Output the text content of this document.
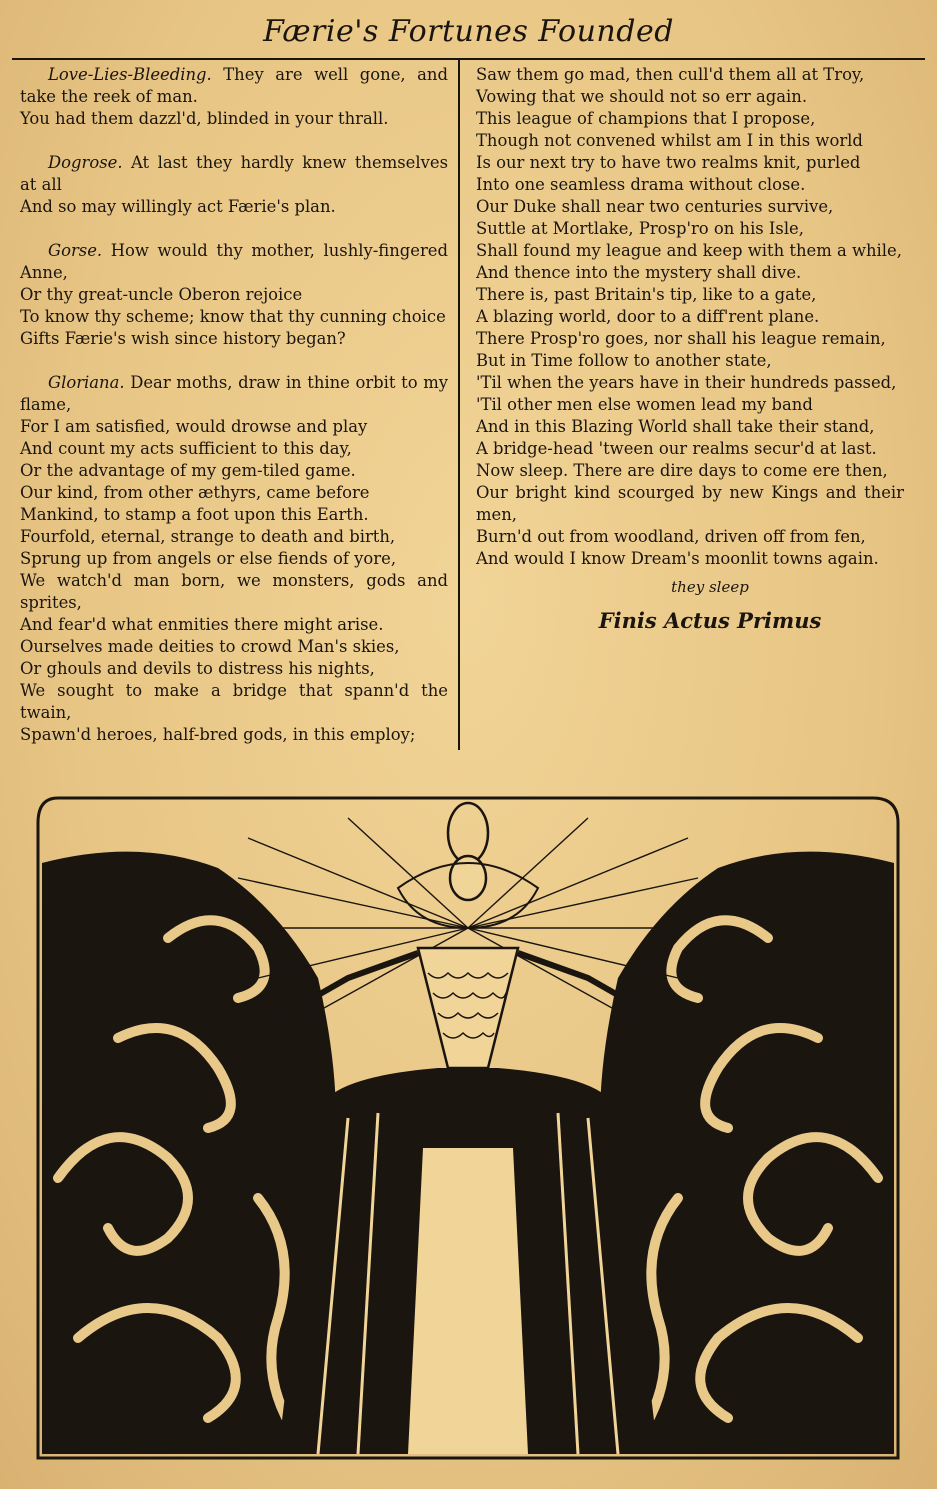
Færie's Fortunes Founded
Love-Lies-Bleeding. They are well gone, and take the reek of man.
You had them dazzl'd, blinded in your thrall.
Dogrose. At last they hardly knew themselves at all
And so may willingly act Færie's plan.
Gorse. How would thy mother, lushly-fingered Anne,
Or thy great-uncle Oberon rejoice
To know thy scheme; know that thy cunning choice
Gifts Færie's wish since history began?
Gloriana. Dear moths, draw in thine orbit to my flame,
For I am satisfied, would drowse and play
And count my acts sufficient to this day,
Or the advantage of my gem-tiled game.
Our kind, from other æthyrs, came before
Mankind, to stamp a foot upon this Earth.
Fourfold, eternal, strange to death and birth,
Sprung up from angels or else fiends of yore,
We watch'd man born, we monsters, gods and sprites,
And fear'd what enmities there might arise.
Ourselves made deities to crowd Man's skies,
Or ghouls and devils to distress his nights,
We sought to make a bridge that spann'd the twain,
Spawn'd heroes, half-bred gods, in this employ;
Saw them go mad, then cull'd them all at Troy,
Vowing that we should not so err again.
This league of champions that I propose,
Though not convened whilst am I in this world
Is our next try to have two realms knit, purled
Into one seamless drama without close.
Our Duke shall near two centuries survive,
Suttle at Mortlake, Prosp'ro on his Isle,
Shall found my league and keep with them a while,
And thence into the mystery shall dive.
There is, past Britain's tip, like to a gate,
A blazing world, door to a diff'rent plane.
There Prosp'ro goes, nor shall his league remain,
But in Time follow to another state,
'Til when the years have in their hundreds passed,
'Til other men else women lead my band
And in this Blazing World shall take their stand,
A bridge-head 'tween our realms secur'd at last.
Now sleep. There are dire days to come ere then,
Our bright kind scourged by new Kings and their men,
Burn'd out from woodland, driven off from fen,
And would I know Dream's moonlit towns again.
they sleep
Finis Actus Primus
